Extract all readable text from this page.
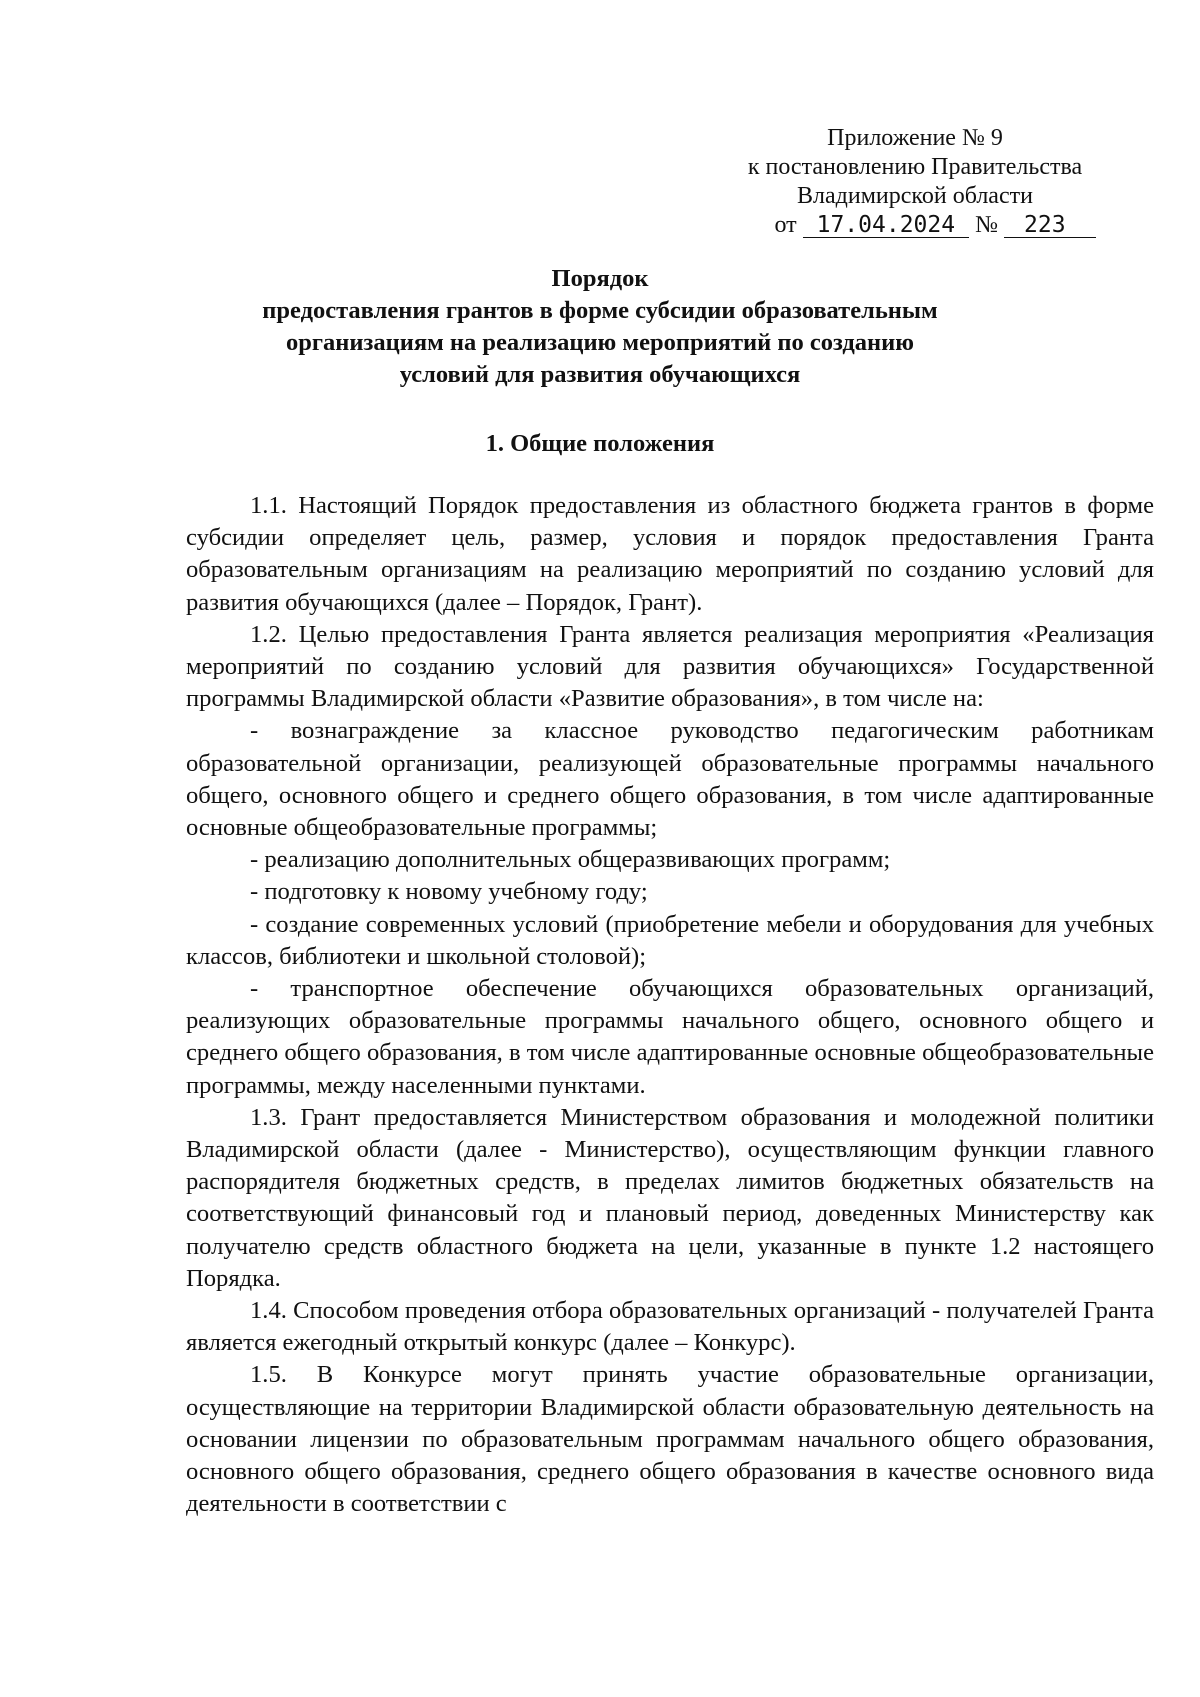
Приложение № 9
к постановлению Правительства
Владимирской области
от 17.04.2024 № 223
Порядок
предоставления грантов в форме субсидии образовательным
организациям на реализацию мероприятий по созданию
условий для развития обучающихся
1. Общие положения

1.1. Настоящий Порядок предоставления из областного бюджета грантов в форме субсидии определяет цель, размер, условия и порядок предоставления Гранта образовательным организациям на реализацию мероприятий по созданию условий для развития обучающихся (далее – Порядок, Грант).

1.2. Целью предоставления Гранта является реализация мероприятия «Реализация мероприятий по созданию условий для развития обучающихся» Государственной программы Владимирской области «Развитие образования», в том числе на:

- вознаграждение за классное руководство педагогическим работникам образовательной организации, реализующей образовательные программы начального общего, основного общего и среднего общего образования, в том числе адаптированные основные общеобразовательные программы;

- реализацию дополнительных общеразвивающих программ;

- подготовку к новому учебному году;

- создание современных условий (приобретение мебели и оборудования для учебных классов, библиотеки и школьной столовой);

- транспортное обеспечение обучающихся образовательных организаций, реализующих образовательные программы начального общего, основного общего и среднего общего образования, в том числе адаптированные основные общеобразовательные программы, между населенными пунктами.

1.3. Грант предоставляется Министерством образования и молодежной политики Владимирской области (далее - Министерство), осуществляющим функции главного распорядителя бюджетных средств, в пределах лимитов бюджетных обязательств на соответствующий финансовый год и плановый период, доведенных Министерству как получателю средств областного бюджета на цели, указанные в пункте 1.2 настоящего Порядка.

1.4. Способом проведения отбора образовательных организаций - получателей Гранта является ежегодный открытый конкурс (далее – Конкурс).

1.5. В Конкурсе могут принять участие образовательные организации, осуществляющие на территории Владимирской области образовательную деятельность на основании лицензии по образовательным программам начального общего образования, основного общего образования, среднего общего образования в качестве основного вида деятельности в соответствии с
